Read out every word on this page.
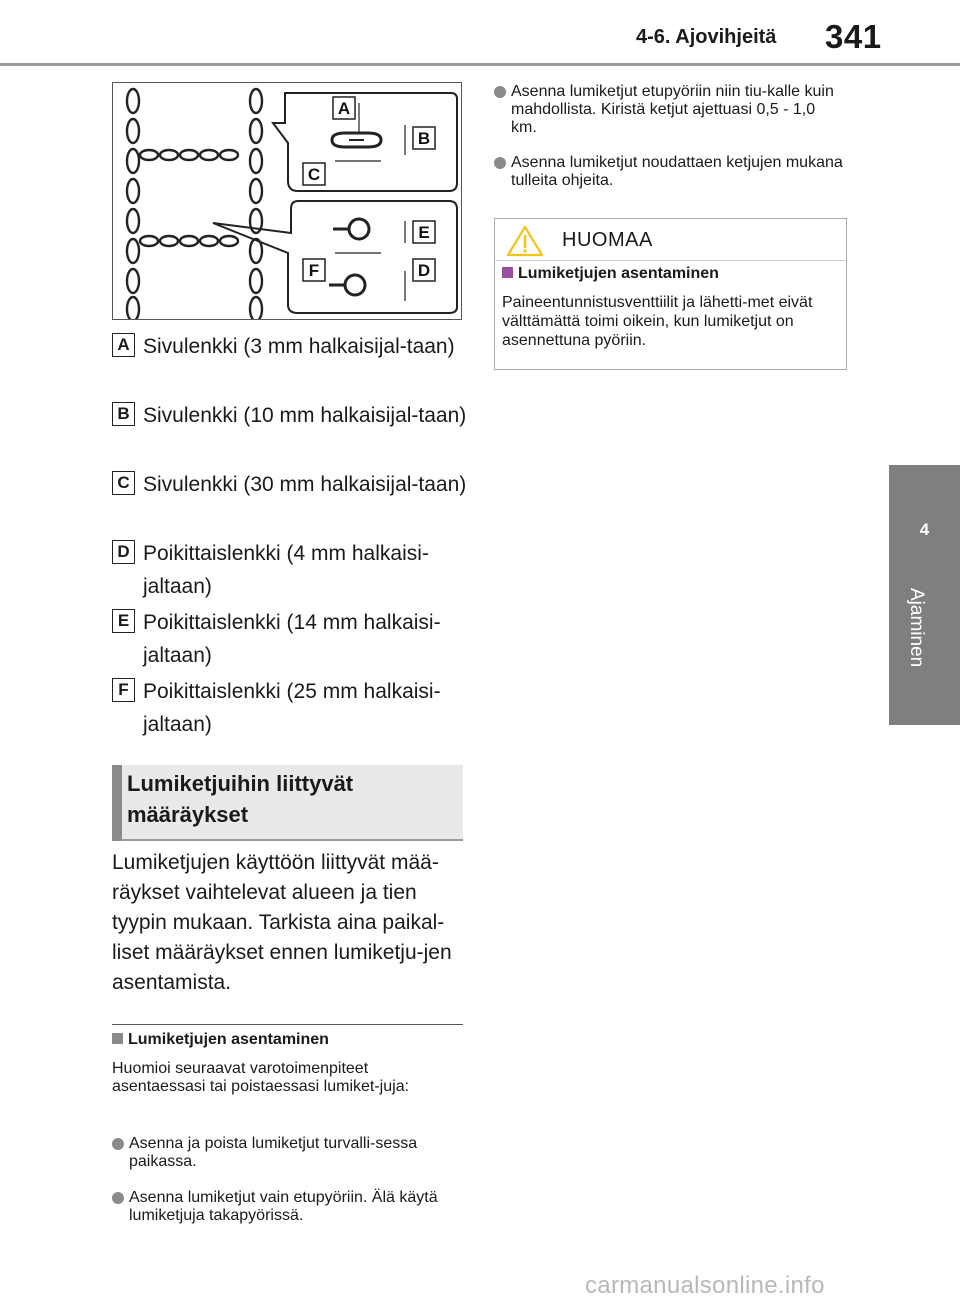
4-6. Ajovihjeitä 341
4
Ajaminen
A
B
C
E
F	D
A Sivulenkki (3 mm halkaisijal-taan)
B Sivulenkki (10 mm halkaisijal-taan)
C Sivulenkki (30 mm halkaisijal-taan)
D Poikittaislenkki (4 mm halkaisi-jaltaan)
E Poikittaislenkki (14 mm halkaisi-jaltaan)
F Poikittaislenkki (25 mm halkaisi-jaltaan)
Lumiketjuihin liittyvät määräykset
Lumiketjujen käyttöön liittyvät mää-räykset vaihtelevat alueen ja tien tyypin mukaan. Tarkista aina paikal-liset määräykset ennen lumiketju-jen asentamista.
Lumiketjujen asentaminen
Huomioi seuraavat varotoimenpiteet asentaessasi tai poistaessasi lumiket-juja:
Asenna ja poista lumiketjut turvalli-sessa paikassa.
Asenna lumiketjut vain etupyöriin. Älä käytä lumiketjuja takapyörissä.
Asenna lumiketjut etupyöriin niin tiu-kalle kuin mahdollista. Kiristä ketjut ajettuasi 0,5 - 1,0 km.
Asenna lumiketjut noudattaen ketjujen mukana tulleita ohjeita.
HUOMAA
Lumiketjujen asentaminen
Paineentunnistusventtiilit ja lähetti-met eivät välttämättä toimi oikein, kun lumiketjut on asennettuna pyöriin.
carmanualsonline.info
